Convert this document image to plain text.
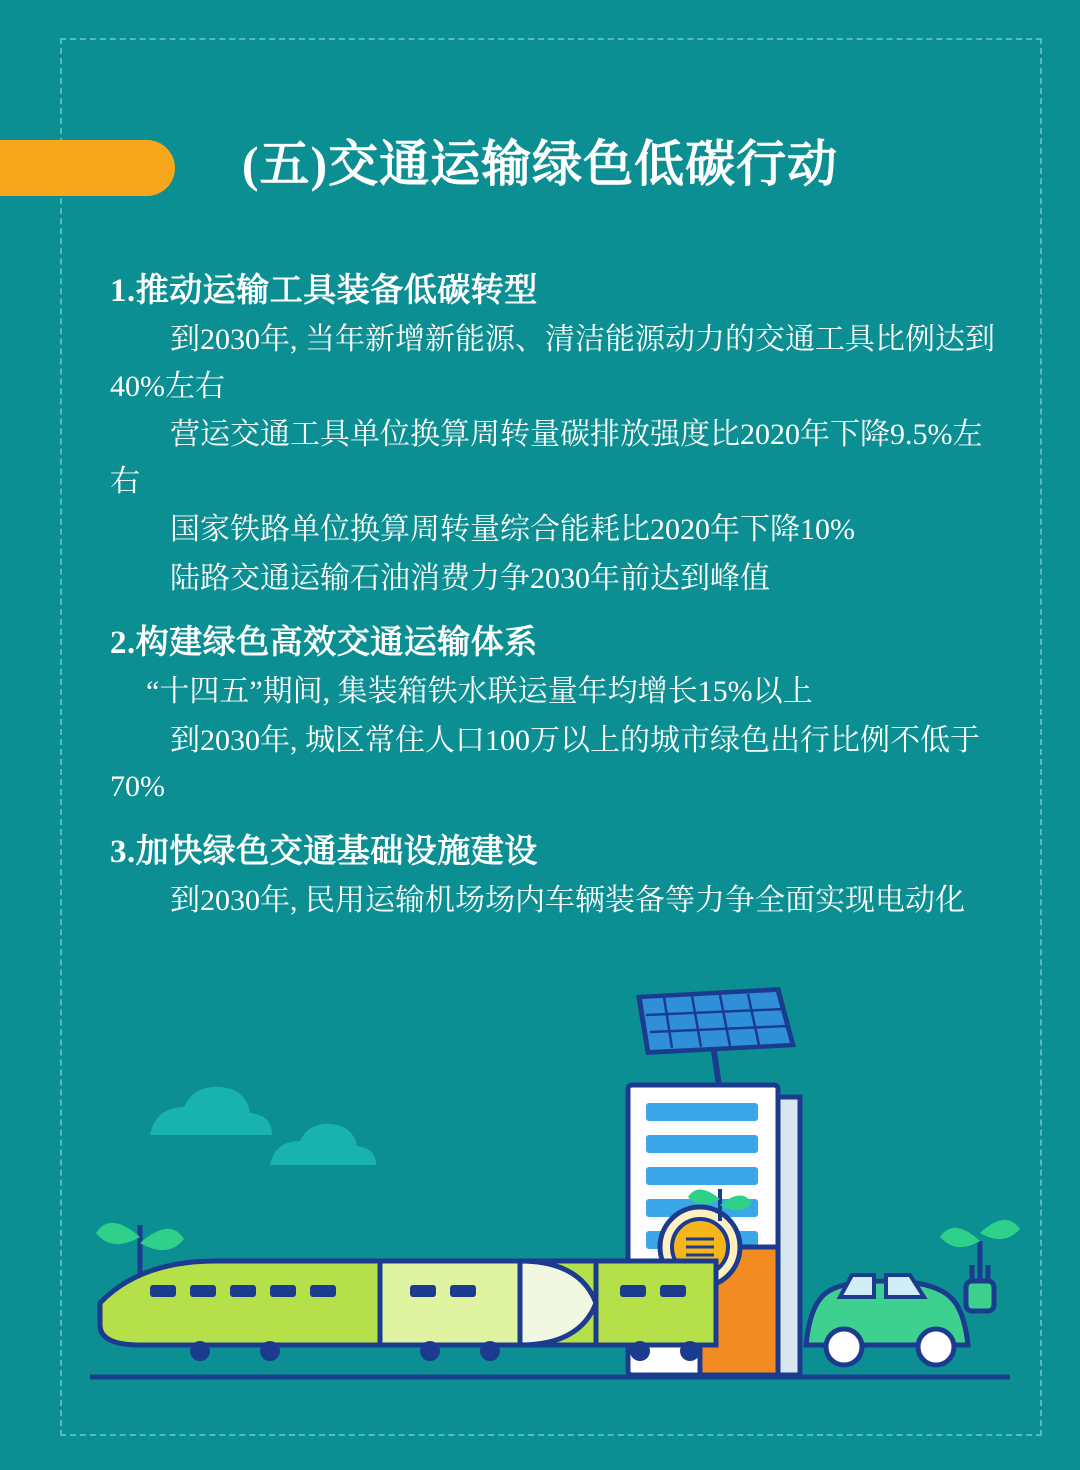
(五)交通运输绿色低碳行动
1.推动运输工具装备低碳转型
到2030年, 当年新增新能源、清洁能源动力的交通工具比例达到40%左右
营运交通工具单位换算周转量碳排放强度比2020年下降9.5%左右
国家铁路单位换算周转量综合能耗比2020年下降10%
陆路交通运输石油消费力争2030年前达到峰值
2.构建绿色高效交通运输体系
“十四五”期间, 集装箱铁水联运量年均增长15%以上
到2030年, 城区常住人口100万以上的城市绿色出行比例不低于70%
3.加快绿色交通基础设施建设
到2030年, 民用运输机场场内车辆装备等力争全面实现电动化
